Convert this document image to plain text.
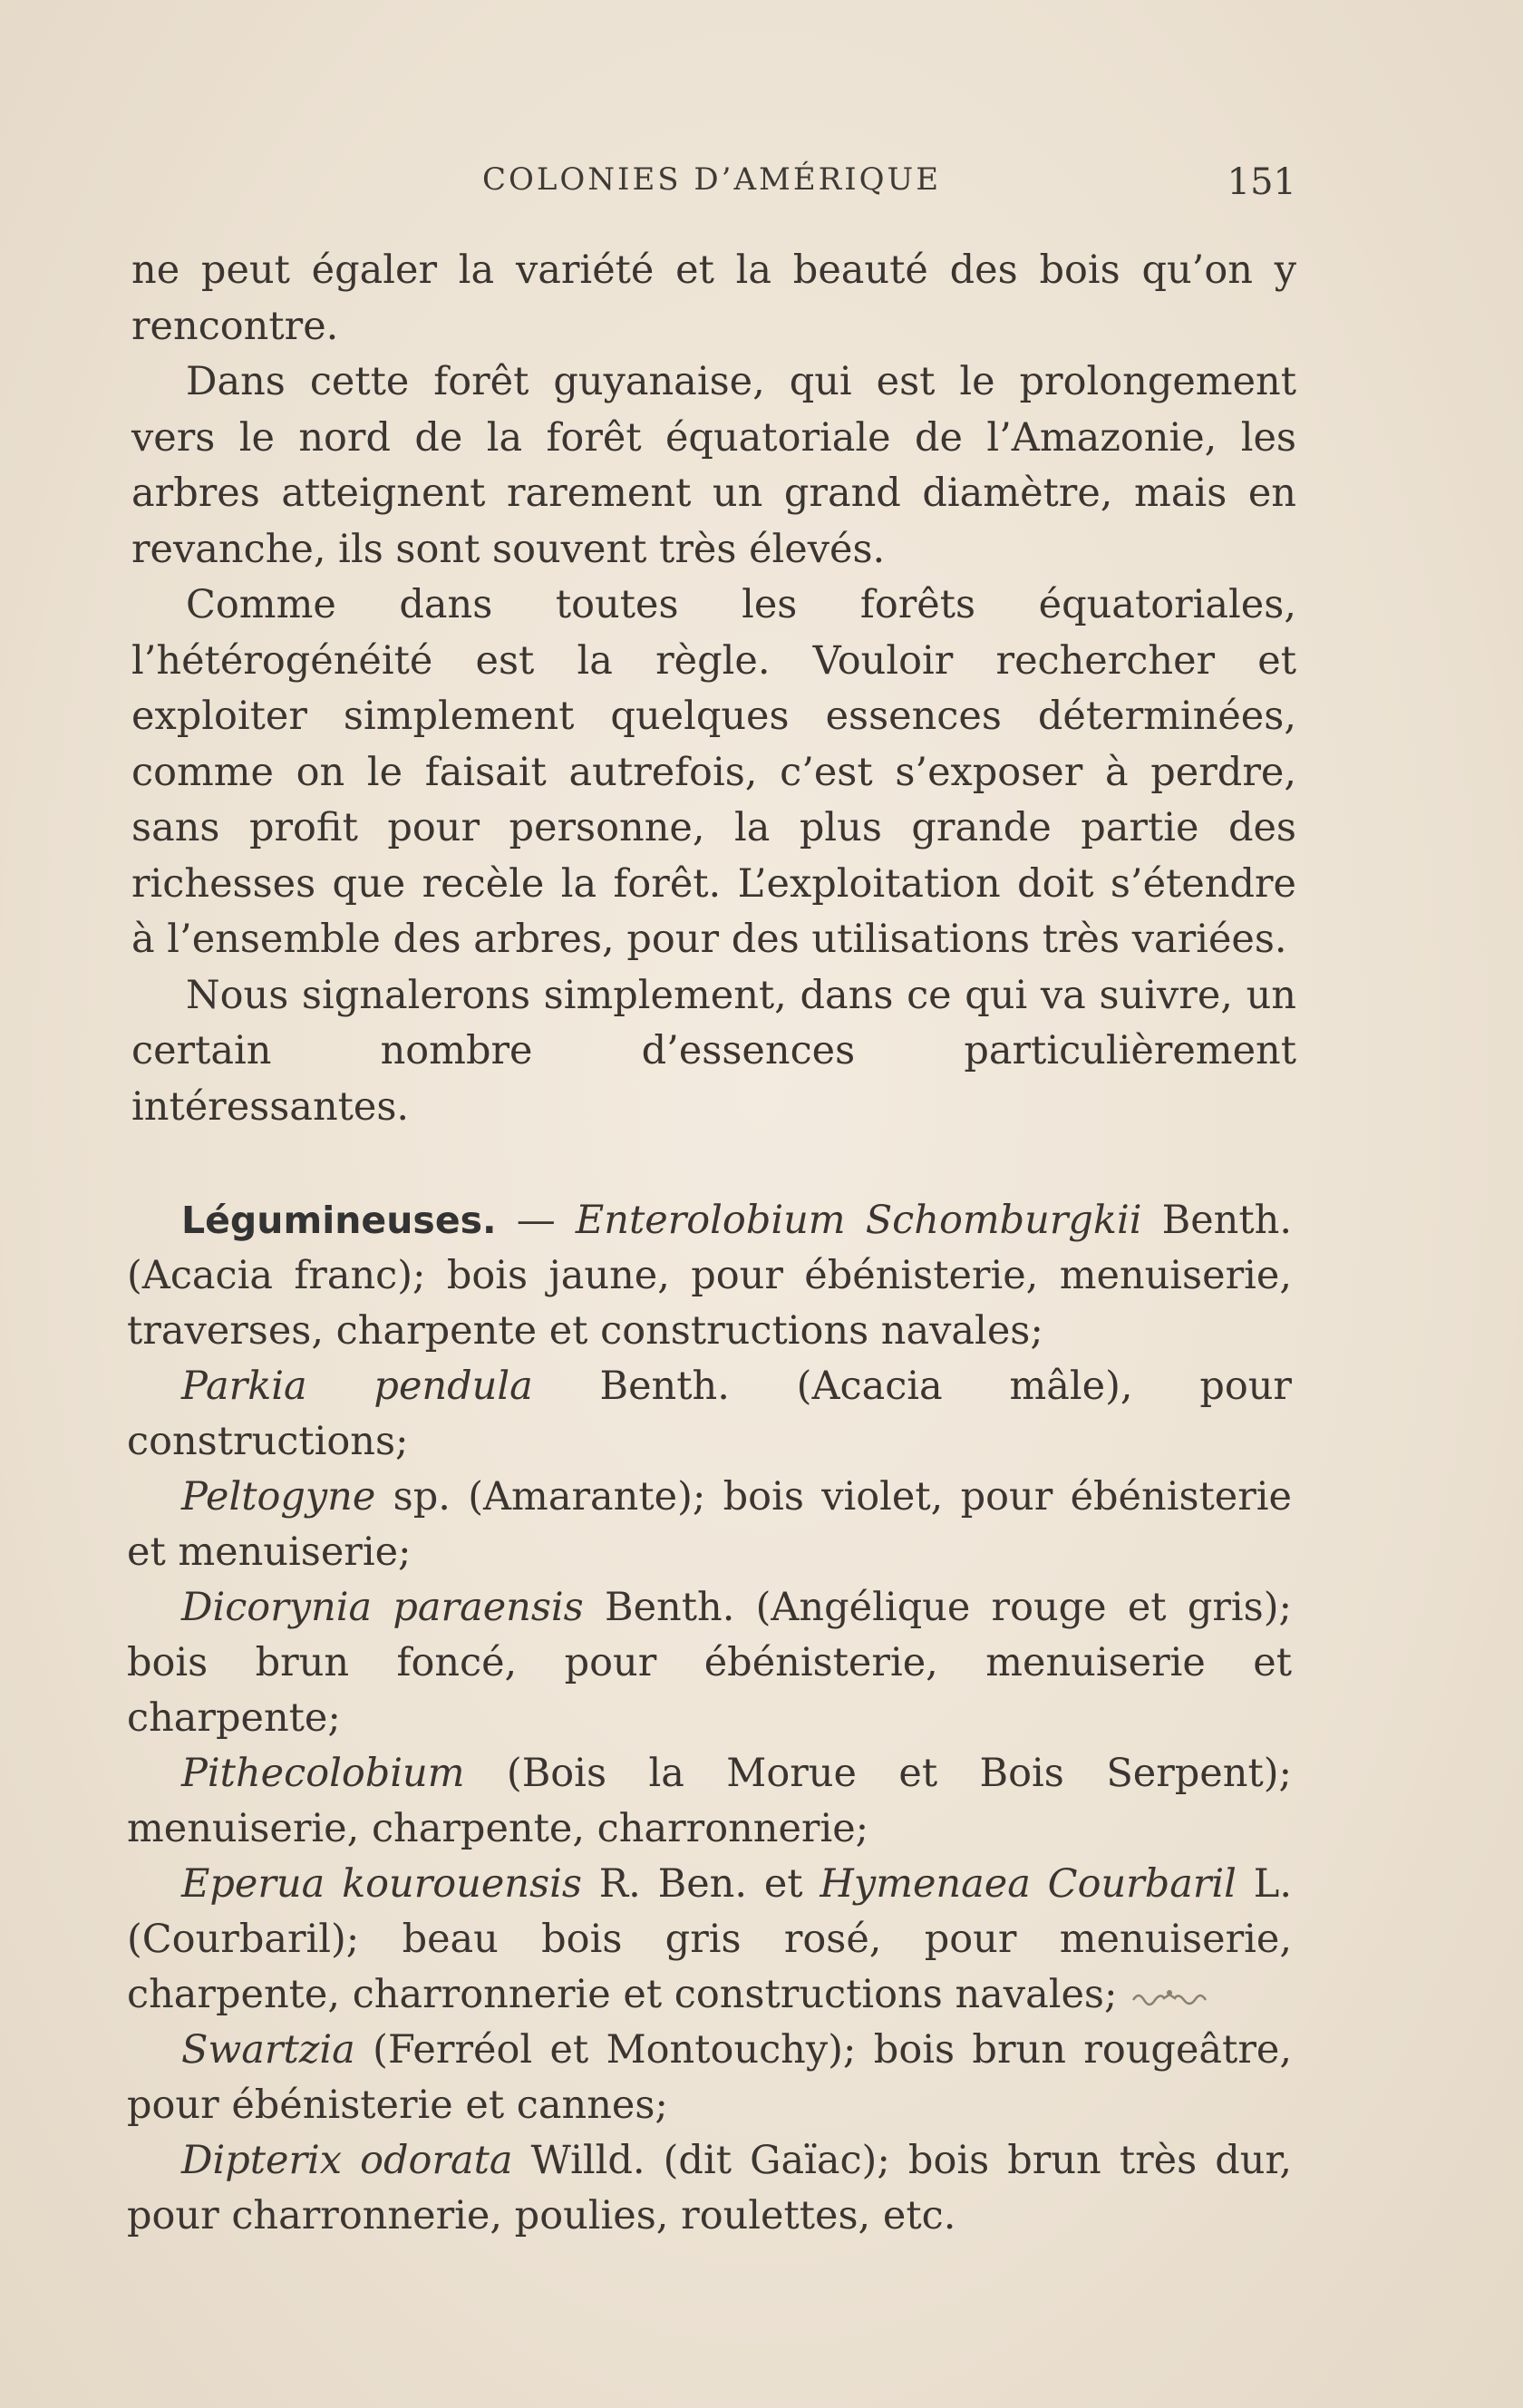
COLONIES D’AMÉRIQUE	151

ne peut égaler la variété et la beauté des bois qu’on y rencontre.

Dans cette forêt guyanaise, qui est le prolongement vers le nord de la forêt équatoriale de l’Amazonie, les arbres atteignent rarement un grand diamètre, mais en revanche, ils sont souvent très élevés.

Comme dans toutes les forêts équatoriales, l’hétérogénéité est la règle. Vouloir rechercher et exploiter simplement quelques essences déterminées, comme on le faisait autrefois, c’est s’exposer à perdre, sans profit pour personne, la plus grande partie des richesses que recèle la forêt. L’exploitation doit s’étendre à l’ensemble des arbres, pour des utilisations très variées.

Nous signalerons simplement, dans ce qui va suivre, un certain nombre d’essences particulièrement intéressantes.

Légumineuses. — Enterolobium Schomburgkii Benth. (Acacia franc); bois jaune, pour ébénisterie, menuiserie, traverses, charpente et constructions navales;

Parkia pendula Benth. (Acacia mâle), pour constructions;

Peltogyne sp. (Amarante); bois violet, pour ébénisterie et menuiserie;

Dicorynia paraensis Benth. (Angélique rouge et gris); bois brun foncé, pour ébénisterie, menuiserie et charpente;

Pithecolobium (Bois la Morue et Bois Serpent); menuiserie, charpente, charronnerie;

Eperua kourouensis R. Ben. et Hymenaea Courbaril L. (Courbaril); beau bois gris rosé, pour menuiserie, charpente, charronnerie et constructions navales;

Swartzia (Ferréol et Montouchy); bois brun rougeâtre, pour ébénisterie et cannes;

Dipterix odorata Willd. (dit Gaïac); bois brun très dur, pour charronnerie, poulies, roulettes, etc.
